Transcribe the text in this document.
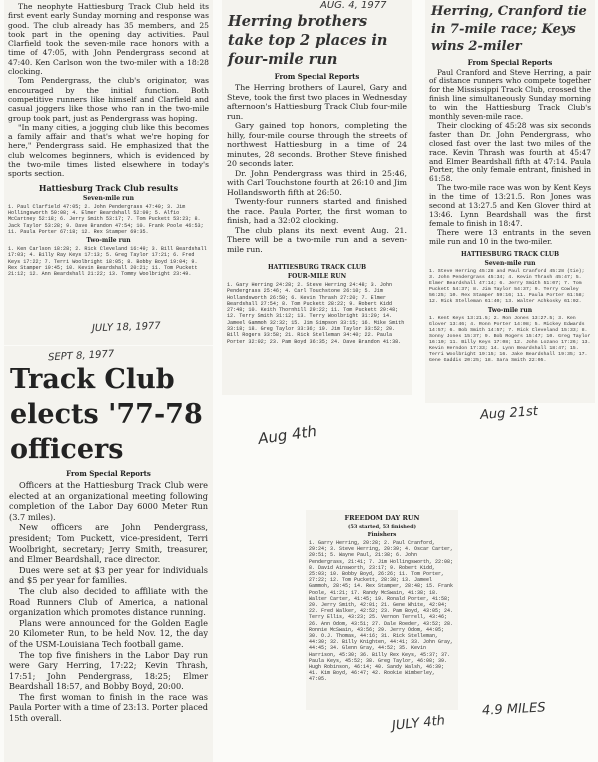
The neophyte Hattiesburg Track Club held its first event early Sunday morning and response was good. The club already has 35 members, and 25 took part in the opening day activities. Paul Clarfield took the seven-mile race honors with a time of 47:05, with John Pendergrass second at 47:40. Ken Carlson won the two-miler with a 18:28 clocking.

Tom Pendergrass, the club's originator, was encouraged by the initial function. Both competitive runners like himself and Clarfield and casual joggers like those who ran in the two-mile group took part, just as Pendergrass was hoping.

"In many cities, a jogging club like this becomes a family affair and that's what we're hoping for here," Pendergrass said. He emphasized that the club welcomes beginners, which is evidenced by the two-mile times listed elsewhere in today's sports section.

Hattiesburg Track Club results
Seven-mile run

1. Paul Clarfield 47:05; 2. John Pendergrass 47:40; 3. Jim Hollingsworth 50:08; 4. Elmer Beardshall 52:09; 5. Alfio McCartney 52:18; 6. Jerry Smith 53:17; 7. Tom Puckett 53:23; 8. Jack Taylor 53:28; 9. Dave Brandon 47:54; 10. Frank Poole 46:53; 11. Paula Porter 67:18; 12. Rex Stamper 69:35.

Two-mile run

1. Ken Carlson 18:28; 2. Rick Cleveland 16:49; 3. Bill Beardshall 17:03; 4. Billy Ray Keys 17:13; 5. Greg Taylor 17:21; 6. Fred Keys 17:22; 7. Terri Woolbright 18:05; 8. Bobby Boyd 19:04; 9. Rex Stamper 19:45; 10. Kevin Beardshall 20:21; 11. Tom Puckett 21:12; 12. Ann Beardshall 21:22; 13. Tommy Woolbright 23:49.

JULY 18, 1977
SEPT 8, 1977
Track Club elects '77-78 officers
From Special Reports

Officers at the Hattiesburg Track Club were elected at an organizational meeting following completion of the Labor Day 6000 Meter Run (3.7 miles).

New officers are John Pendergrass, president; Tom Puckett, vice-president, Terri Woolbright, secretary; Jerry Smith, treasurer, and Elmer Beardshall, race director.

Dues were set at $3 per year for individuals and $5 per year for families.

The club also decided to affiliate with the Road Runners Club of America, a national organization which promotes distance running.

Plans were announced for the Golden Eagle 20 Kilometer Run, to be held Nov. 12, the day of the USM-Louisiana Tech football game.

The top five finishers in the Labor Day run were Gary Herring, 17:22; Kevin Thrash, 17:51; John Pendergrass, 18:25; Elmer Beardshall 18:57, and Bobby Boyd, 20:00.

The first woman to finish in the race was Paula Porter with a time of 23:13. Porter placed 15th overall.

AUG. 4, 1977
Herring brothers take top 2 places in four-mile run
From Special Reports

The Herring brothers of Laurel, Gary and Steve, took the first two places in Wednesday afternoon's Hattiesburg Track Club four-mile run.

Gary gained top honors, completing the hilly, four-mile course through the streets of northwest Hattiesburg in a time of 24 minutes, 28 seconds. Brother Steve finished 20 seconds later.

Dr. John Pendergrass was third in 25:46, with Carl Touchstone fourth at 26:10 and Jim Hollandsworth fifth at 26:50.

Twenty-four runners started and finished the race. Paula Porter, the first woman to finish, had a 32:02 clocking.

The club plans its next event Aug. 21. There will be a two-mile run and a seven-mile run.

HATTIESBURG TRACK CLUB
FOUR-MILE RUN

1. Gary Herring 24:28; 2. Steve Herring 24:48; 3. John Pendergrass 25:46; 4. Carl Touchstone 26:10; 5. Jim Hollandsworth 26:50; 6. Kevin Thrash 27:20; 7. Elmer Beardshall 27:54; 8. Tom Puckett 28:22; 9. Robert Kidd 27:48; 10. Keith Thornhill 29:22; 11. Tom Puckett 29:48; 12. Terry Smith 31:12; 13. Terry Woolbright 31:20; 14. Jameel Gammoh 32:32; 15. Jim Simpson 33:15; 16. Mike Smith 33:18; 18. Greg Taylor 33:36; 19. Jim Taylor 33:52; 20. Bill Rogers 33:58; 21. Rick Stelleman 34:40; 22. Paula Porter 32:02; 23. Pam Boyd 36:35; 24. Dave Brandon 41:38.

Aug 4th
Herring, Cranford tie in 7-mile race; Keys wins 2-miler
From Special Reports

Paul Cranford and Steve Herring, a pair of distance runners who compete together for the Mississippi Track Club, crossed the finish line simultaneously Sunday morning to win the Hattiesburg Track Club's monthly seven-mile race.

Their clocking of 45:28 was six seconds faster than Dr. John Pendergrass, who closed fast over the last two miles of the race. Kevin Thrash was fourth at 45:47 and Elmer Beardshall fifth at 47:14. Paula Porter, the only female entrant, finished in 61:58.

The two-mile race was won by Kent Keys in the time of 13:21.5. Ron Jones was second at 13:27.5 and Ken Glover third at 13:46. Lynn Beardshall was the first female to finish in 18:47.

There were 13 entrants in the seven mile run and 10 in the two-miler.

HATTIESBURG TRACK CLUB
Seven-mile run

1. Steve Herring 45:28 and Paul Cranford 45:28 (tie); 3. John Pendergrass 45:34; 4. Kevin Thrash 45:47; 5. Elmer Beardshall 47:14; 6. Jerry Smith 51:07; 7. Tom Puckett 54:37; 8. Jim Taylor 54:37; 9. Terry Cowley 56:25; 10. Rex Stamper 59:16; 11. Paula Porter 61:58; 12. Rick Stelleman 61:40; 13. Walter Achkosky 61:02.

Two-mile run

1. Kent Keys 13:21.5; 2. Ron Jones 13:27.5; 3. Ken Glover 13:46; 4. Ronn Porter 14:08; 5. Mickey Edwards 14:57; 6. Bob Smith 14:57; 7. Rick Cleveland 15:33; 8. Sonny Jones 15:37; 9. Bob Rogers 15:47; 10. Greg Taylor 16:10; 11. Billy Keys 17:08; 12. John Lozano 17:26; 13. Kevin Herndon 17:33; 14. Lynn Beardshall 18:47; 15. Terri Woolbright 19:15; 16. Jake Beardshall 19:35; 17. Gene Gaddis 20:25; 18. Sara Smith 22:05.

Aug 21st
FREEDOM DAY RUN
(53 started, 53 finished)
Finishers

1. Garry Herring, 20:28; 2. Paul Cranford, 29:24; 3. Steve Herring, 20:39; 4. Oscar Carter, 20:51; 5. Wayne Paul, 21:38; 6. John Pendergrass, 21:41; 7. Jim Hollingsworth, 22:08; 8. David Ainsworth, 23:17; 9. Robert Kidd, 25:03; 10. Bobby Boyd, 26:26; 11. Tom Porter, 27:22; 12. Tom Puckett, 28:38; 13. Jameel Gammoh, 28:45; 14. Rex Stamper, 28:48; 15. Frank Poole, 41:21; 17. Randy McSwain, 41:38; 18. Walter Carter, 41:45; 19. Ronald Porter, 41:58; 20. Jerry Smith, 42:01; 21. Gene White, 42:04; 22. Fred Walker, 42:52; 23. Pam Boyd, 43:05; 24. Terry Ellis, 43:23; 25. Vernon Terrell, 43:46; 26. Ann Odom, 43:51; 27. Dale Roeder, 43:52; 28. Ronnie McSwain, 43:56; 29. Jerry Odom, 44:05; 30. O.J. Thomas, 44:16; 31. Rick Stelleman, 44:30; 32. Billy Knighten, 44:41; 33. John Gray, 44:45; 34. Glenn Gray, 44:52; 35. Kevin Harrison, 45:30; 36. Billy Rex Keys, 45:37; 37. Paula Keys, 45:52; 38. Greg Taylor, 46:08; 39. Hugh Robinson, 46:14; 40. Sandy Walsh, 46:39; 41. Kim Boyd, 46:47; 42. Rookie Wimberley, 47:05.

JULY 4th
4.9 MILES
